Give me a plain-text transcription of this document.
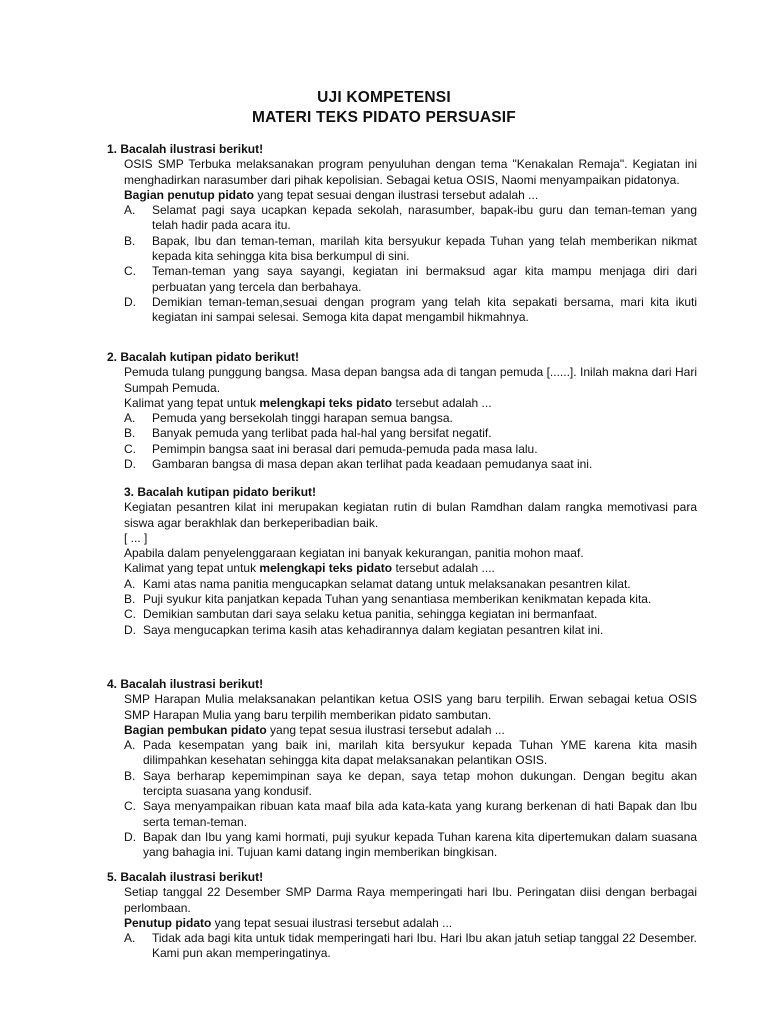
UJI KOMPETENSI
MATERI TEKS PIDATO PERSUASIF

1. Bacalah ilustrasi berikut!

OSIS SMP Terbuka melaksanakan program penyuluhan dengan tema "Kenakalan Remaja". Kegiatan ini menghadirkan narasumber dari pihak kepolisian. Sebagai ketua OSIS, Naomi menyampaikan pidatonya.

Bagian penutup pidato yang tepat sesuai dengan ilustrasi tersebut adalah ...

A.	Selamat pagi saya ucapkan kepada sekolah, narasumber, bapak-ibu guru dan teman-teman yang telah hadir pada acara itu.
B.	Bapak, Ibu dan teman-teman, marilah kita bersyukur kepada Tuhan yang telah memberikan nikmat kepada kita sehingga kita bisa berkumpul di sini.
C.	Teman-teman yang saya sayangi, kegiatan ini bermaksud agar kita mampu menjaga diri dari perbuatan yang tercela dan berbahaya.
D.	Demikian teman-teman,sesuai dengan program yang telah kita sepakati bersama, mari kita ikuti kegiatan ini sampai selesai. Semoga kita dapat mengambil hikmahnya.

2. Bacalah kutipan pidato berikut!

Pemuda tulang punggung bangsa. Masa depan bangsa ada di tangan pemuda [......]. Inilah makna dari Hari Sumpah Pemuda.

Kalimat yang tepat untuk melengkapi teks pidato tersebut adalah ...

A.	Pemuda yang bersekolah tinggi harapan semua bangsa.
B.	Banyak pemuda yang terlibat pada hal-hal yang bersifat negatif.
C.	Pemimpin bangsa saat ini berasal dari pemuda-pemuda pada masa lalu.
D.	Gambaran bangsa di masa depan akan terlihat pada keadaan pemudanya saat ini.

3. Bacalah kutipan pidato berikut!

Kegiatan pesantren kilat ini merupakan kegiatan rutin di bulan Ramdhan dalam rangka memotivasi para siswa agar berakhlak dan berkeperibadian baik.

[ ... ]

Apabila dalam penyelenggaraan kegiatan ini banyak kekurangan, panitia mohon maaf.

Kalimat yang tepat untuk melengkapi teks pidato tersebut adalah ....

A. Kami atas nama panitia mengucapkan selamat datang untuk melaksanakan pesantren kilat.
B. Puji syukur kita panjatkan kepada Tuhan yang senantiasa memberikan kenikmatan kepada kita.
C. Demikian sambutan dari saya selaku ketua panitia, sehingga kegiatan ini bermanfaat.
D. Saya mengucapkan terima kasih atas kehadirannya dalam kegiatan pesantren kilat ini.

4. Bacalah ilustrasi berikut!

SMP Harapan Mulia melaksanakan pelantikan ketua OSIS yang baru terpilih. Erwan sebagai ketua OSIS SMP Harapan Mulia yang baru terpilih memberikan pidato sambutan.

Bagian pembukan pidato yang tepat sesua ilustrasi tersebut adalah ...

A. Pada kesempatan yang baik ini, marilah kita bersyukur kepada Tuhan YME karena kita masih dilimpahkan kesehatan sehingga kita dapat melaksanakan pelantikan OSIS.
B. Saya berharap kepemimpinan saya ke depan, saya tetap mohon dukungan. Dengan begitu akan tercipta suasana yang kondusif.
C. Saya menyampaikan ribuan kata maaf bila ada kata-kata yang kurang berkenan di hati Bapak dan Ibu serta teman-teman.
D. Bapak dan Ibu yang kami hormati, puji syukur kepada Tuhan karena kita dipertemukan dalam suasana yang bahagia ini. Tujuan kami datang ingin memberikan bingkisan.

5. Bacalah ilustrasi berikut!

Setiap tanggal 22 Desember SMP Darma Raya memperingati hari Ibu. Peringatan diisi dengan berbagai perlombaan.

Penutup pidato yang tepat sesuai ilustrasi tersebut adalah ...

A.	Tidak ada bagi kita untuk tidak memperingati hari Ibu. Hari Ibu akan jatuh setiap tanggal 22 Desember. Kami pun akan memperingatinya.
